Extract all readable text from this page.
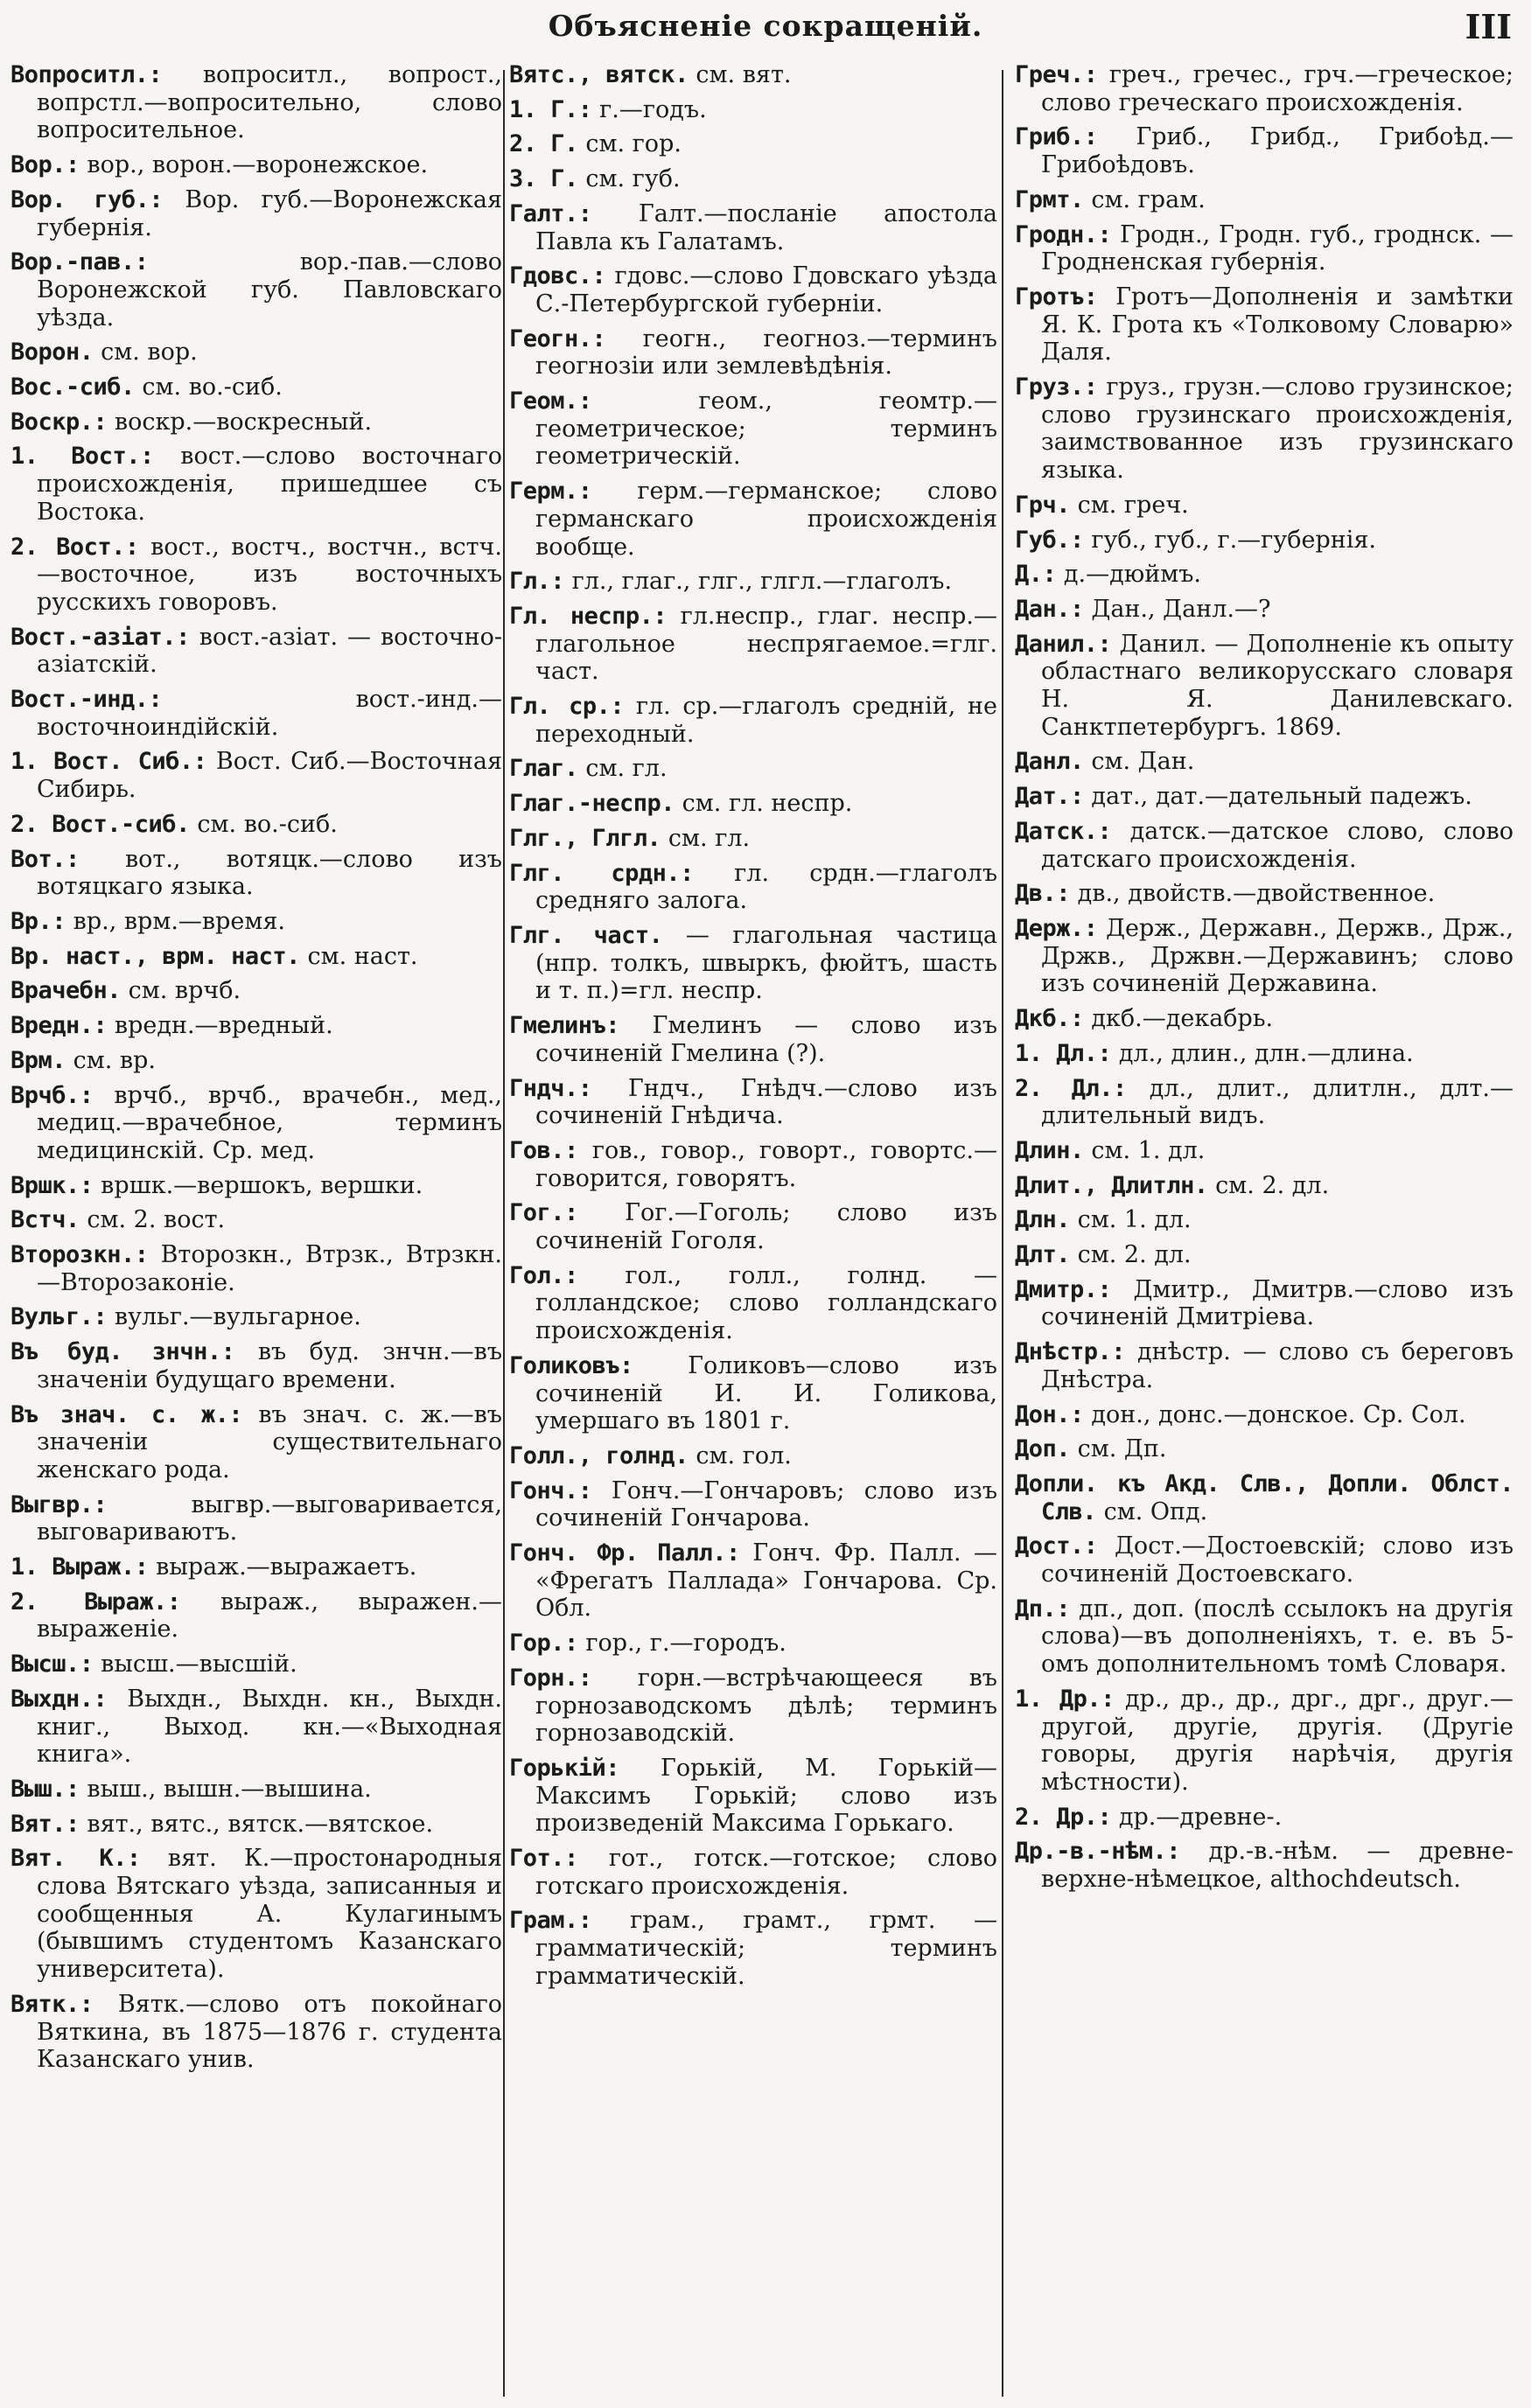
Объясненіе сокращеній.	III
Вопроситл.: вопроситл., вопрост., вопрстл.—вопросительно, слово вопросительное.
Вор.: вор., ворон.—воронежское.
Вор. губ.: Вор. губ.—Воронежская губернія.
Вор.-пав.:	вор.-пав.—слово Воронежской губ. Павловскаго уѣзда.
Ворон. см. вор.
Вос.-сиб. см. во.-сиб.
Воскр.: воскр.—воскресный.
1. Вост.: вост.—слово восточнаго происхожденія, пришедшее съ Востока.
2. Вост.: вост., востч., востчн., встч.—восточное, изъ восточныхъ русскихъ говоровъ.
Вост.-азіат.: вост.-азіат. — восточно-азіатскій.
Вост.-инд.:	вост.-инд.—восточноиндійскій.
1. Вост. Сиб.: Вост. Сиб.—Восточная Сибирь.
2. Вост.-сиб. см. во.-сиб.
Вот.: вот., вотяцк.—слово изъ вотяцкаго языка.
Вр.: вр., врм.—время.
Вр. наст., врм. наст. см. наст.
Врачебн. см. врчб.
Вредн.: вредн.—вредный.
Врм. см. вр.
Врчб.: врчб., врчб., врачебн., мед., медиц.—врачебное, терминъ медицинскій. Ср. мед.
Вршк.: вршк.—вершокъ, вершки.
Встч. см. 2. вост.
Второзкн.: Второзкн., Втрзк., Втрзкн.—Второзаконіе.
Вульг.: вульг.—вульгарное.
Въ буд. знчн.: въ буд. знчн.—въ значеніи будущаго времени.
Въ знач. с. ж.: въ знач. с. ж.—въ значеніи существительнаго женскаго рода.
Выгвр.:	выгвр.—выговаривается, выговариваютъ.
1. Выраж.: выраж.—выражаетъ.
2. Выраж.: выраж., выражен.—выраженіе.
Высш.: высш.—высшій.
Выхдн.: Выхдн., Выхдн. кн., Выхдн. книг., Выход. кн.—«Выходная книга».
Выш.: выш., вышн.—вышина.
Вят.: вят., вятс., вятск.—вятское.
Вят. К.: вят. К.—простонародныя слова Вятскаго уѣзда, записанныя и сообщенныя А. Кулагинымъ (бывшимъ студентомъ Казанскаго университета).
Вятк.: Вятк.—слово отъ покойнаго Вяткина, въ 1875—1876 г. студента Казанскаго унив.
Вятс., вятск. см. вят.
1. Г.: г.—годъ.
2. Г. см. гор.
3. Г. см. губ.
Галт.: Галт.—посланіе апостола Павла къ Галатамъ.
Гдовс.: гдовс.—слово Гдовскаго уѣзда С.-Петербургской губерніи.
Геогн.: геогн., геогноз.—терминъ геогнозіи или землевѣдѣнія.
Геом.:	геом., геомтр.—геометрическое; терминъ геометрическій.
Герм.: герм.—германское; слово германскаго происхожденія вообще.
Гл.: гл., глаг., глг., глгл.—глаголъ.
Гл. неспр.: гл.неспр., глаг. неспр.—глагольное неспрягаемое.=глг. част.
Гл. ср.: гл. ср.—глаголъ средній, не переходный.
Глаг. см. гл.
Глаг.-неспр. см. гл. неспр.
Глг., Глгл. см. гл.
Глг. срдн.: гл. срдн.—глаголъ средняго залога.
Глг. част. — глагольная частица (нпр. толкъ, швыркъ, фюйтъ, шасть и т. п.)=гл. неспр.
Гмелинъ: Гмелинъ — слово изъ сочиненій Гмелина (?).
Гндч.: Гндч., Гнѣдч.—слово изъ сочиненій Гнѣдича.
Гов.: гов., говор., говорт., говортс.—говорится, говорятъ.
Гог.: Гог.—Гоголь; слово изъ сочиненій Гоголя.
Гол.: гол., голл., голнд. — голландское; слово голландскаго происхожденія.
Голиковъ: Голиковъ—слово изъ сочиненій И. И. Голикова, умершаго въ 1801 г.
Голл., голнд. см. гол.
Гонч.: Гонч.—Гончаровъ; слово изъ сочиненій Гончарова.
Гонч. Фр. Палл.: Гонч. Фр. Палл. — «Фрегатъ Паллада» Гончарова. Ср. Обл.
Гор.: гор., г.—городъ.
Горн.: горн.—встрѣчающееся въ горнозаводскомъ дѣлѣ; терминъ горнозаводскій.
Горькій: Горькій, М. Горькій—Максимъ Горькій; слово изъ произведеній Максима Горькаго.
Гот.: гот., готск.—готское; слово готскаго происхожденія.
Грам.: грам., грамт., грмт. — грамматическій; терминъ грамматическій.
Греч.: греч., гречес., грч.—греческое; слово греческаго происхожденія.
Гриб.: Гриб., Грибд., Грибоѣд.—Грибоѣдовъ.
Грмт. см. грам.
Гродн.: Гродн., Гродн. губ., гроднск. — Гродненская губернія.
Гротъ: Гротъ—Дополненія и замѣтки Я. К. Грота къ «Толковому Словарю» Даля.
Груз.: груз., грузн.—слово грузинское; слово грузинскаго происхожденія, заимствованное изъ грузинскаго языка.
Грч. см. греч.
Губ.: губ., губ., г.—губернія.
Д.: д.—дюймъ.
Дан.: Дан., Данл.—?
Данил.: Данил. — Дополненіе къ опыту областнаго великорусскаго словаря Н. Я. Данилевскаго. Санктпетербургъ. 1869.
Данл. см. Дан.
Дат.: дат., дат.—дательный падежъ.
Датск.: датск.—датское слово, слово датскаго происхожденія.
Дв.: дв., двойств.—двойственное.
Держ.: Держ., Державн., Держв., Држ., Држв., Држвн.—Державинъ; слово изъ сочиненій Державина.
Дкб.: дкб.—декабрь.
1. Дл.: дл., длин., длн.—длина.
2. Дл.: дл., длит., длитлн., длт.—длительный видъ.
Длин. см. 1. дл.
Длит., Длитлн. см. 2. дл.
Длн. см. 1. дл.
Длт. см. 2. дл.
Дмитр.: Дмитр., Дмитрв.—слово изъ сочиненій Дмитріева.
Днѣстр.: днѣстр. — слово съ береговъ Днѣстра.
Дон.: дон., донс.—донское. Ср. Сол.
Доп. см. Дп.
Допли. къ Акд. Слв., Допли. Облст. Слв. см. Опд.
Дост.: Дост.—Достоевскій; слово изъ сочиненій Достоевскаго.
Дп.: дп., доп. (послѣ ссылокъ на другія слова)—въ дополненіяхъ, т. е. въ 5-омъ дополнительномъ томѣ Словаря.
1. Др.: др., др., др., дрг., дрг., друг.—другой, другіе, другія. (Другіе говоры, другія нарѣчія, другія мѣстности).
2. Др.: др.—древне-.
Др.-в.-нѣм.: др.-в.-нѣм. — древне-верхне-нѣмецкое, althochdeutsch.
